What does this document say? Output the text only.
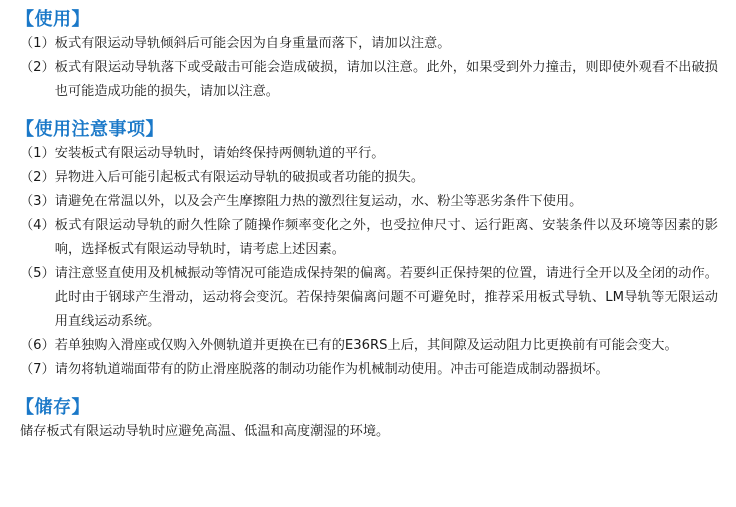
【使用】
（1） 板式有限运动导轨倾斜后可能会因为自身重量而落下，请加以注意。
（2） 板式有限运动导轨落下或受敲击可能会造成破损，请加以注意。此外，如果受到外力撞击，则即使外观看不出破损也可能造成功能的损失，请加以注意。
【使用注意事项】
（1） 安装板式有限运动导轨时，请始终保持两侧轨道的平行。
（2） 异物进入后可能引起板式有限运动导轨的破损或者功能的损失。
（3） 请避免在常温以外，以及会产生摩擦阻力热的激烈往复运动，水、粉尘等恶劣条件下使用。
（4） 板式有限运动导轨的耐久性除了随操作频率变化之外，也受拉伸尺寸、运行距离、安装条件以及环境等因素的影响，选择板式有限运动导轨时，请考虑上述因素。
（5） 请注意竖直使用及机械振动等情况可能造成保持架的偏离。若要纠正保持架的位置，请进行全开以及全闭的动作。此时由于钢球产生滑动，运动将会变沉。若保持架偏离问题不可避免时，推荐采用板式导轨、LM导轨等无限运动用直线运动系统。
（6） 若单独购入滑座或仅购入外侧轨道并更换在已有的E36RS上后，其间隙及运动阻力比更换前有可能会变大。
（7） 请勿将轨道端面带有的防止滑座脱落的制动功能作为机械制动使用。冲击可能造成制动器损坏。
【储存】

储存板式有限运动导轨时应避免高温、低温和高度潮湿的环境。
